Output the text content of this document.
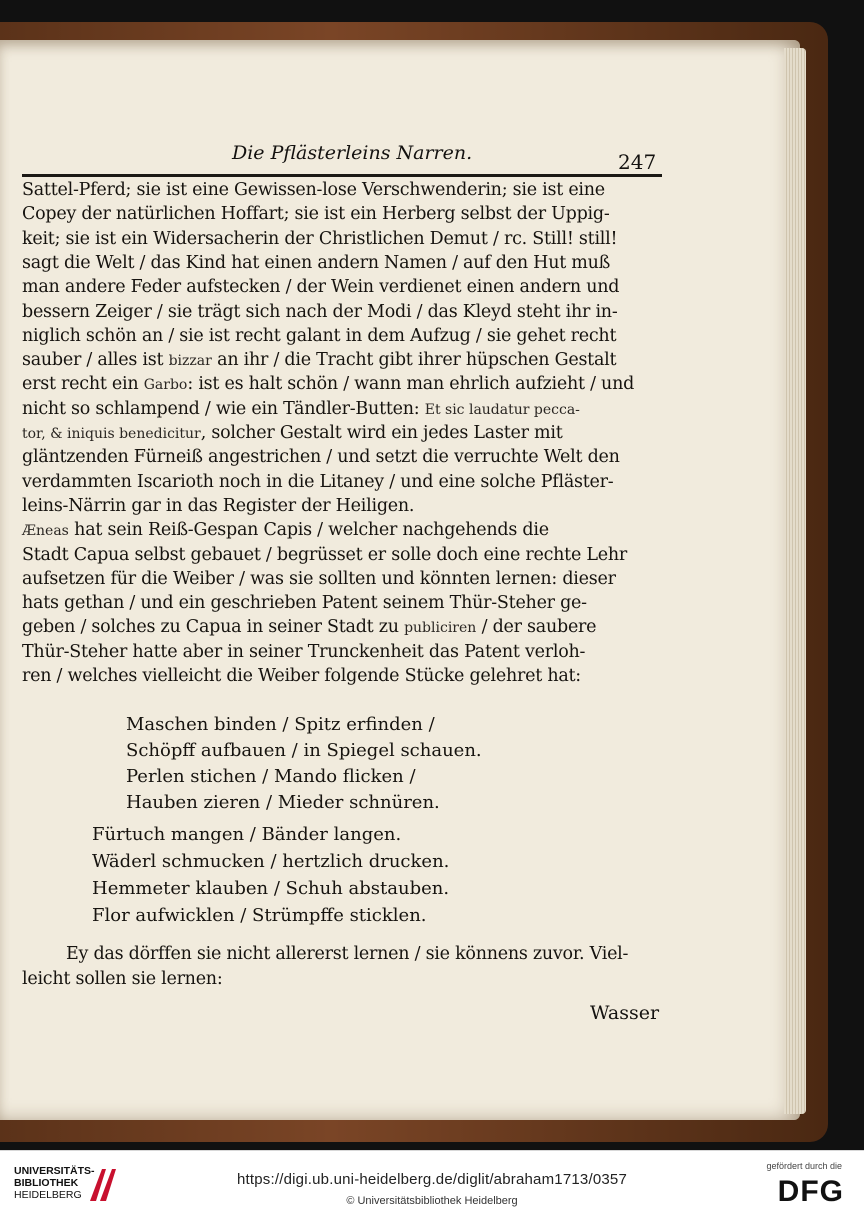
Die Pflästerleins Narren.	247
Sattel-Pferd; sie ist eine Gewissen-lose Verschwenderin; sie ist eine
Copey der natürlichen Hoffart; sie ist ein Herberg selbst der Uppig-
keit; sie ist ein Widersacherin der Christlichen Demut / rc. Still! still!
sagt die Welt / das Kind hat einen andern Namen / auf den Hut muß
man andere Feder aufstecken / der Wein verdienet einen andern und
bessern Zeiger / sie trägt sich nach der Modi / das Kleyd steht ihr in-
niglich schön an / sie ist recht galant in dem Aufzug / sie gehet recht
sauber / alles ist bizzar an ihr / die Tracht gibt ihrer hüpschen Gestalt
erst recht ein Garbo: ist es halt schön / wann man ehrlich aufzieht / und
nicht so schlampend / wie ein Tändler-Butten: Et sic laudatur pecca-
tor, & iniquis benedicitur, solcher Gestalt wird ein jedes Laster mit
gläntzenden Fürneiß angestrichen / und setzt die verruchte Welt den
verdammten Iscarioth noch in die Litaney / und eine solche Pfläster-
leins-Närrin gar in das Register der Heiligen.
Æneas hat sein Reiß-Gespan Capis / welcher nachgehends die
Stadt Capua selbst gebauet / begrüsset er solle doch eine rechte Lehr
aufsetzen für die Weiber / was sie sollten und könnten lernen: dieser
hats gethan / und ein geschrieben Patent seinem Thür-Steher ge-
geben / solches zu Capua in seiner Stadt zu publiciren / der saubere
Thür-Steher hatte aber in seiner Trunckenheit das Patent verloh-
ren / welches vielleicht die Weiber folgende Stücke gelehret hat:
Maschen binden / Spitz erfinden /
Schöpff aufbauen / in Spiegel schauen.
Perlen stichen / Mando flicken /
Hauben zieren / Mieder schnüren.
Fürtuch mangen / Bänder langen.
Wäderl schmucken / hertzlich drucken.
Hemmeter klauben / Schuh abstauben.
Flor aufwicklen / Strümpffe sticklen.
Ey das dörffen sie nicht allererst lernen / sie könnens zuvor. Viel-
leicht sollen sie lernen:
Wasser
UNIVERSITÄTS-
BIBLIOTHEK
HEIDELBERG
https://digi.ub.uni-heidelberg.de/diglit/abraham1713/0357
© Universitätsbibliothek Heidelberg
gefördert durch die
DFG
